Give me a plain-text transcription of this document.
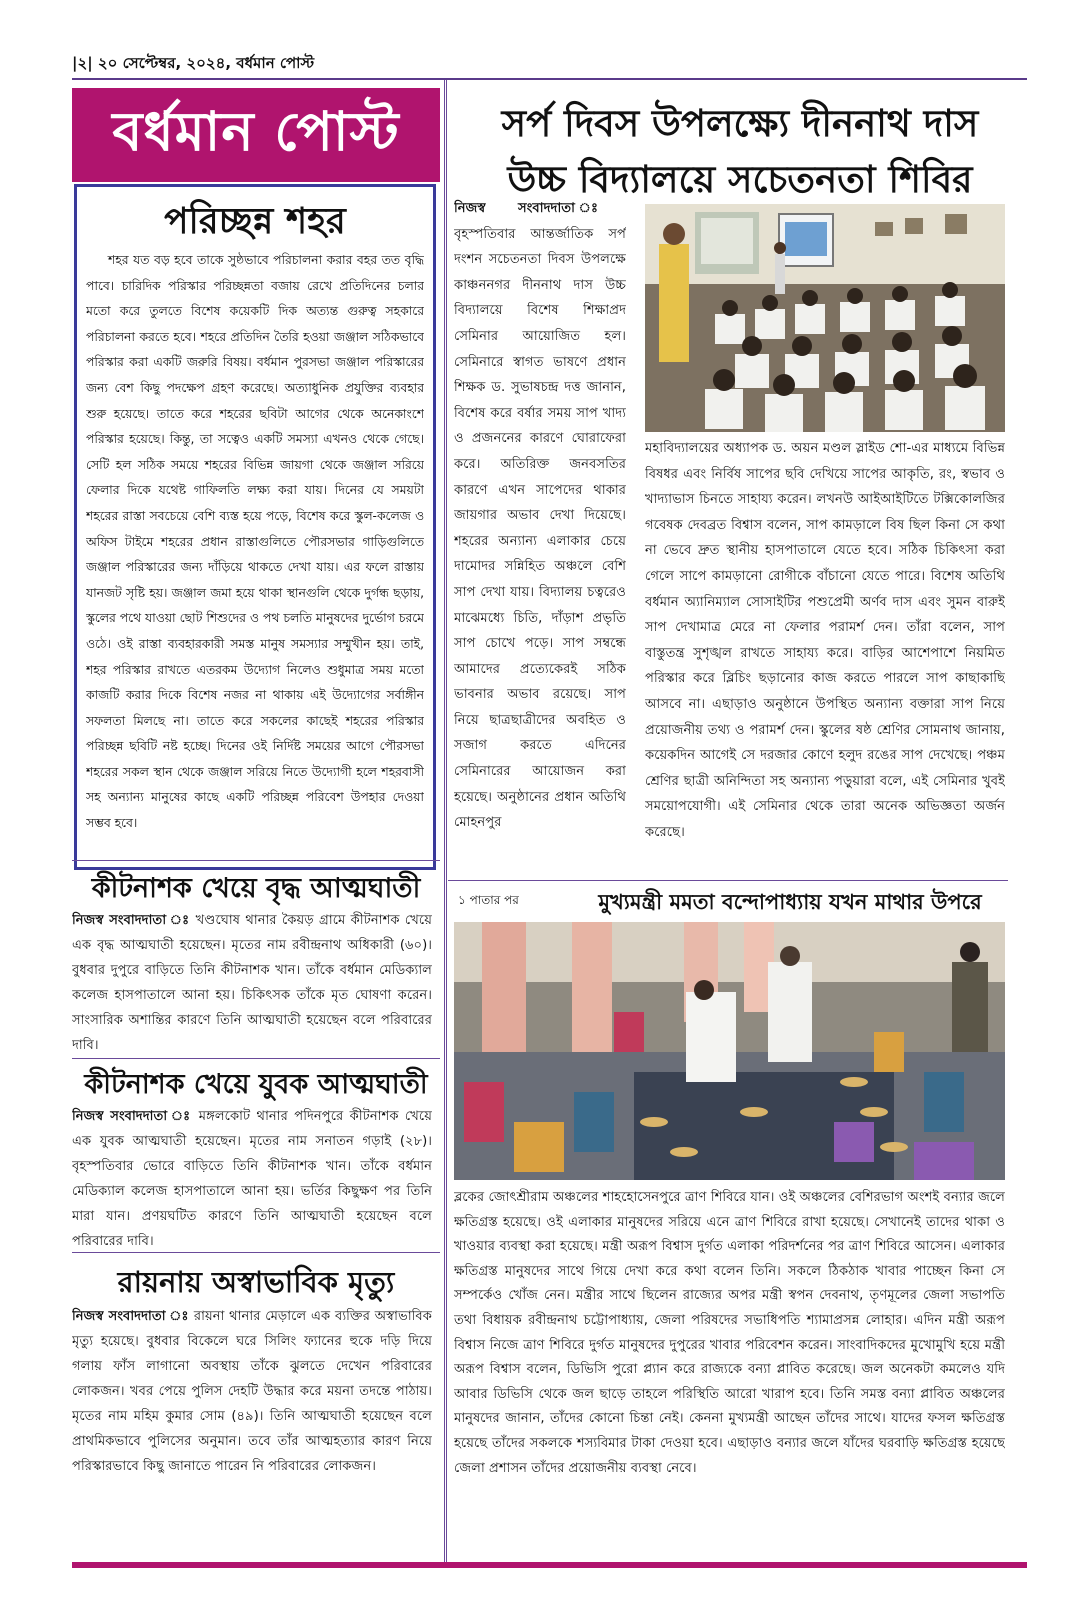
|২| ২০ সেপ্টেম্বর, ২০২৪, বর্ধমান পোস্ট
বর্ধমান পোস্ট
পরিচ্ছন্ন শহর

শহর যত বড় হবে তাকে সুষ্ঠভাবে পরিচালনা করার বহর তত বৃদ্ধি পাবে। চারিদিক পরিস্কার পরিচ্ছন্নতা বজায় রেখে প্রতিদিনের চলার মতো করে তুলতে বিশেষ কয়েকটি দিক অত্যন্ত গুরুত্ব সহকারে পরিচালনা করতে হবে। শহরে প্রতিদিন তৈরি হওয়া জঞ্জাল সঠিকভাবে পরিস্কার করা একটি জরুরি বিষয়। বর্ধমান পুরসভা জঞ্জাল পরিস্কারের জন্য বেশ কিছু পদক্ষেপ গ্রহণ করেছে। অত্যাধুনিক প্রযুক্তির ব্যবহার শুরু হয়েছে। তাতে করে শহরের ছবিটা আগের থেকে অনেকাংশে পরিস্কার হয়েছে। কিন্তু, তা সত্বেও একটি সমস্যা এখনও থেকে গেছে। সেটি হল সঠিক সময়ে শহরের বিভিন্ন জায়গা থেকে জঞ্জাল সরিয়ে ফেলার দিকে যথেষ্ট গাফিলতি লক্ষ্য করা যায়। দিনের যে সময়টা শহরের রাস্তা সবচেয়ে বেশি ব্যস্ত হয়ে পড়ে, বিশেষ করে স্কুল-কলেজ ও অফিস টাইমে শহরের প্রধান রাস্তাগুলিতে পৌরসভার গাড়িগুলিতে জঞ্জাল পরিস্কারের জন্য দাঁড়িয়ে থাকতে দেখা যায়। এর ফলে রাস্তায় যানজট সৃষ্টি হয়। জঞ্জাল জমা হয়ে থাকা স্থানগুলি থেকে দুর্গন্ধ ছড়ায়, স্কুলের পথে যাওয়া ছোট শিশুদের ও পথ চলতি মানুষদের দুর্ভোগ চরমে ওঠে। ওই রাস্তা ব্যবহারকারী সমস্ত মানুষ সমস্যার সম্মুখীন হয়। তাই, শহর পরিস্কার রাখতে এতরকম উদ্যোগ নিলেও শুধুমাত্র সময় মতো কাজটি করার দিকে বিশেষ নজর না থাকায় এই উদ্যোগের সর্বাঙ্গীন সফলতা মিলছে না। তাতে করে সকলের কাছেই শহরের পরিস্কার পরিচ্ছন্ন ছবিটি নষ্ট হচ্ছে। দিনের ওই নির্দিষ্ট সময়ের আগে পৌরসভা শহরের সকল স্থান থেকে জঞ্জাল সরিয়ে নিতে উদ্যোগী হলে শহরবাসী সহ অন্যান্য মানুষের কাছে একটি পরিচ্ছন্ন পরিবেশ উপহার দেওয়া সম্ভব হবে।

সর্প দিবস উপলক্ষ্যে দীননাথ দাস
উচ্চ বিদ্যালয়ে সচেতনতা শিবির

নিজস্ব সংবাদদাতা ঃ বৃহস্পতিবার আন্তর্জাতিক সর্প দংশন সচেতনতা দিবস উপলক্ষে কাঞ্চননগর দীননাথ দাস উচ্চ বিদ্যালয়ে বিশেষ শিক্ষাপ্রদ সেমিনার আয়োজিত হল। সেমিনারে স্বাগত ভাষণে প্রধান শিক্ষক ড. সুভাষচন্দ্র দত্ত জানান, বিশেষ করে বর্ষার সময় সাপ খাদ্য ও প্রজননের কারণে ঘোরাফেরা করে। অতিরিক্ত জনবসতির কারণে এখন সাপেদের থাকার জায়গার অভাব দেখা দিয়েছে। শহরের অন্যান্য এলাকার চেয়ে দামোদর সন্নিহিত অঞ্চলে বেশি সাপ দেখা যায়। বিদ্যালয় চত্বরেও মাঝেমধ্যে চিতি, দাঁড়াশ প্রভৃতি সাপ চোখে পড়ে। সাপ সম্বন্ধে আমাদের প্রত্যেকেরই সঠিক ভাবনার অভাব রয়েছে। সাপ নিয়ে ছাত্রছাত্রীদের অবহিত ও সজাগ করতে এদিনের সেমিনারের আয়োজন করা হয়েছে। অনুষ্ঠানের প্রধান অতিথি মোহনপুর

মহাবিদ্যালয়ের অধ্যাপক ড. অয়ন মণ্ডল স্লাইড শো-এর মাধ্যমে বিভিন্ন বিষধর এবং নির্বিষ সাপের ছবি দেখিয়ে সাপের আকৃতি, রং, স্বভাব ও খাদ্যাভাস চিনতে সাহায্য করেন। লখনউ আইআইটিতে টক্সিকোলজির গবেষক দেবব্রত বিশ্বাস বলেন, সাপ কামড়ালে বিষ ছিল কিনা সে কথা না ভেবে দ্রুত স্থানীয় হাসপাতালে যেতে হবে। সঠিক চিকিৎসা করা গেলে সাপে কামড়ানো রোগীকে বাঁচানো যেতে পারে। বিশেষ অতিথি বর্ধমান অ্যানিম্যাল সোসাইটির পশুপ্রেমী অর্ণব দাস এবং সুমন বারুই সাপ দেখামাত্র মেরে না ফেলার পরামর্শ দেন। তাঁরা বলেন, সাপ বাস্তুতন্ত্র সুশৃঙ্খল রাখতে সাহায্য করে। বাড়ির আশেপাশে নিয়মিত পরিস্কার করে ব্লিচিং ছড়ানোর কাজ করতে পারলে সাপ কাছাকাছি আসবে না। এছাড়াও অনুষ্ঠানে উপস্থিত অন্যান্য বক্তারা সাপ নিয়ে প্রয়োজনীয় তথ্য ও পরামর্শ দেন। স্কুলের ষষ্ঠ শ্রেণির সোমনাথ জানায়, কয়েকদিন আগেই সে দরজার কোণে হলুদ রঙের সাপ দেখেছে। পঞ্চম শ্রেণির ছাত্রী অনিন্দিতা সহ অন্যান্য পড়ুয়ারা বলে, এই সেমিনার খুবই সময়োপযোগী। এই সেমিনার থেকে তারা অনেক অভিজ্ঞতা অর্জন করেছে।

কীটনাশক খেয়ে বৃদ্ধ আত্মঘাতী

নিজস্ব সংবাদদাতা ঃ খণ্ডঘোষ থানার কৈয়ড় গ্রামে কীটনাশক খেয়ে এক বৃদ্ধ আত্মঘাতী হয়েছেন। মৃতের নাম রবীন্দ্রনাথ অধিকারী (৬০)। বুধবার দুপুরে বাড়িতে তিনি কীটনাশক খান। তাঁকে বর্ধমান মেডিক্যাল কলেজ হাসপাতালে আনা হয়। চিকিৎসক তাঁকে মৃত ঘোষণা করেন। সাংসারিক অশান্তির কারণে তিনি আত্মঘাতী হয়েছেন বলে পরিবারের দাবি।

কীটনাশক খেয়ে যুবক আত্মঘাতী

নিজস্ব সংবাদদাতা ঃ মঙ্গলকোট থানার পদিনপুরে কীটনাশক খেয়ে এক যুবক আত্মঘাতী হয়েছেন। মৃতের নাম সনাতন গড়াই (২৮)। বৃহস্পতিবার ভোরে বাড়িতে তিনি কীটনাশক খান। তাঁকে বর্ধমান মেডিক্যাল কলেজ হাসপাতালে আনা হয়। ভর্তির কিছুক্ষণ পর তিনি মারা যান। প্রণয়ঘটিত কারণে তিনি আত্মঘাতী হয়েছেন বলে পরিবারের দাবি।

রায়নায় অস্বাভাবিক মৃত্যু

নিজস্ব সংবাদদাতা ঃ রায়না থানার মেড়ালে এক ব্যক্তির অস্বাভাবিক মৃত্যু হয়েছে। বুধবার বিকেলে ঘরে সিলিং ফ্যানের হুকে দড়ি দিয়ে গলায় ফাঁস লাগানো অবস্থায় তাঁকে ঝুলতে দেখেন পরিবারের লোকজন। খবর পেয়ে পুলিস দেহটি উদ্ধার করে ময়না তদন্তে পাঠায়। মৃতের নাম মহিম কুমার সোম (৪৯)। তিনি আত্মঘাতী হয়েছেন বলে প্রাথমিকভাবে পুলিসের অনুমান। তবে তাঁর আত্মহত্যার কারণ নিয়ে পরিস্কারভাবে কিছু জানাতে পারেন নি পরিবারের লোকজন।

১ পাতার পর	মুখ্যমন্ত্রী মমতা বন্দোপাধ্যায় যখন মাথার উপরে

ব্লকের জোৎশ্রীরাম অঞ্চলের শাহহোসেনপুরে ত্রাণ শিবিরে যান। ওই অঞ্চলের বেশিরভাগ অংশই বন্যার জলে ক্ষতিগ্রস্ত হয়েছে। ওই এলাকার মানুষদের সরিয়ে এনে ত্রাণ শিবিরে রাখা হয়েছে। সেখানেই তাদের থাকা ও খাওয়ার ব্যবস্থা করা হয়েছে। মন্ত্রী অরূপ বিশ্বাস দুর্গত এলাকা পরিদর্শনের পর ত্রাণ শিবিরে আসেন। এলাকার ক্ষতিগ্রস্ত মানুষদের সাথে গিয়ে দেখা করে কথা বলেন তিনি। সকলে ঠিকঠাক খাবার পাচ্ছেন কিনা সে সম্পর্কেও খোঁজ নেন। মন্ত্রীর সাথে ছিলেন রাজ্যের অপর মন্ত্রী স্বপন দেবনাথ, তৃণমূলের জেলা সভাপতি তথা বিধায়ক রবীন্দ্রনাথ চট্টোপাধ্যায়, জেলা পরিষদের সভাধিপতি শ্যামাপ্রসন্ন লোহার। এদিন মন্ত্রী অরূপ বিশ্বাস নিজে ত্রাণ শিবিরে দুর্গত মানুষদের দুপুরের খাবার পরিবেশন করেন। সাংবাদিকদের মুখোমুখি হয়ে মন্ত্রী অরূপ বিশ্বাস বলেন, ডিভিসি পুরো প্ল্যান করে রাজ্যকে বন্যা প্লাবিত করেছে। জল অনেকটা কমলেও যদি আবার ডিভিসি থেকে জল ছাড়ে তাহলে পরিস্থিতি আরো খারাপ হবে। তিনি সমস্ত বন্যা প্লাবিত অঞ্চলের মানুষদের জানান, তাঁদের কোনো চিন্তা নেই। কেননা মুখ্যমন্ত্রী আছেন তাঁদের সাথে। যাদের ফসল ক্ষতিগ্রস্ত হয়েছে তাঁদের সকলকে শস্যবিমার টাকা দেওয়া হবে। এছাড়াও বন্যার জলে যাঁদের ঘরবাড়ি ক্ষতিগ্রস্ত হয়েছে জেলা প্রশাসন তাঁদের প্রয়োজনীয় ব্যবস্থা নেবে।
